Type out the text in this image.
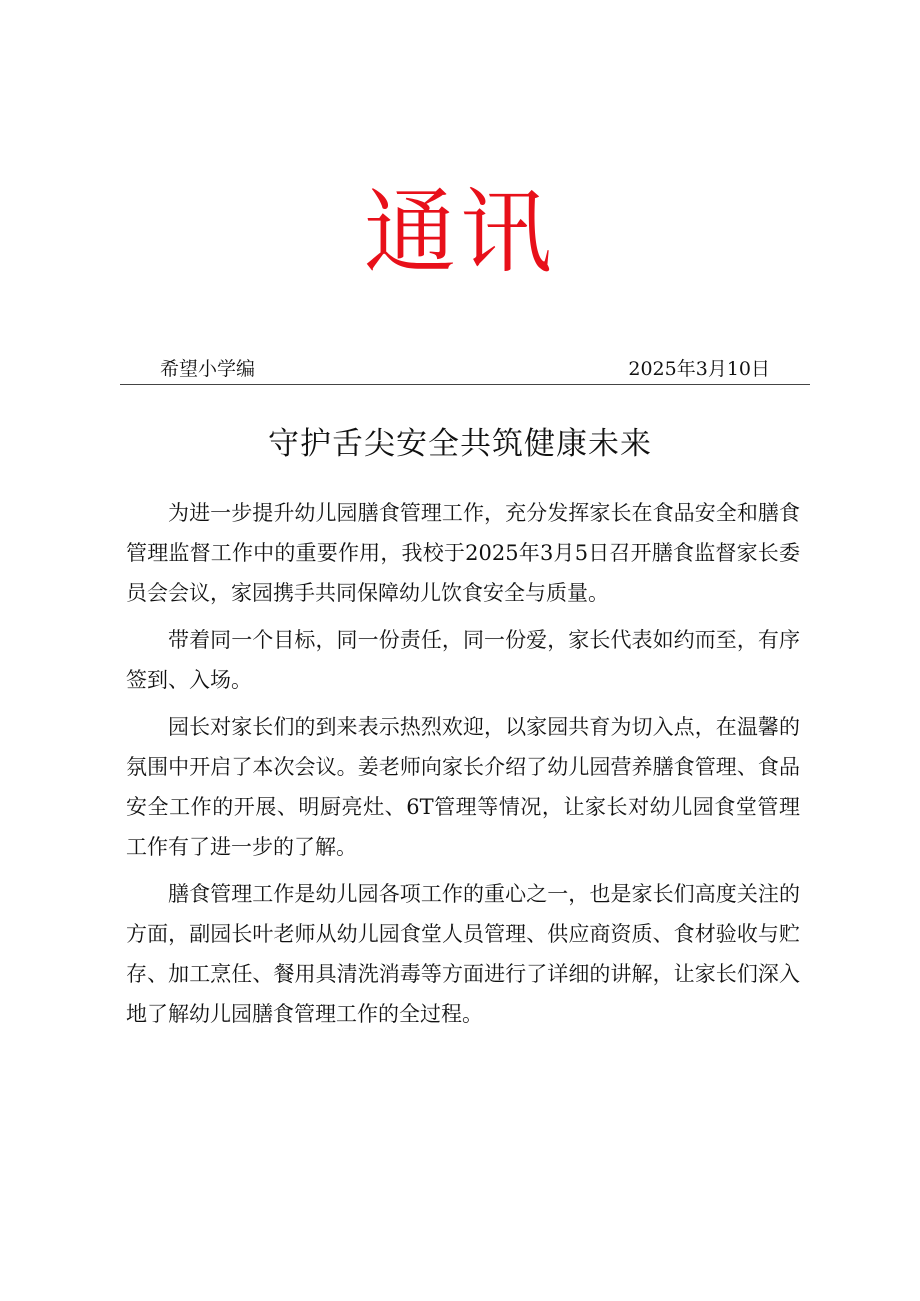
通讯
希望小学编	2025年3月10日
守护舌尖安全共筑健康未来

为进一步提升幼儿园膳食管理工作，充分发挥家长在食品安全和膳食管理监督工作中的重要作用，我校于2025年3月5日召开膳食监督家长委员会会议，家园携手共同保障幼儿饮食安全与质量。

带着同一个目标，同一份责任，同一份爱，家长代表如约而至，有序签到、入场。

园长对家长们的到来表示热烈欢迎，以家园共育为切入点，在温馨的氛围中开启了本次会议。姜老师向家长介绍了幼儿园营养膳食管理、食品安全工作的开展、明厨亮灶、6T管理等情况，让家长对幼儿园食堂管理工作有了进一步的了解。

膳食管理工作是幼儿园各项工作的重心之一，也是家长们高度关注的方面，副园长叶老师从幼儿园食堂人员管理、供应商资质、食材验收与贮存、加工烹任、餐用具清洗消毒等方面进行了详细的讲解，让家长们深入地了解幼儿园膳食管理工作的全过程。
